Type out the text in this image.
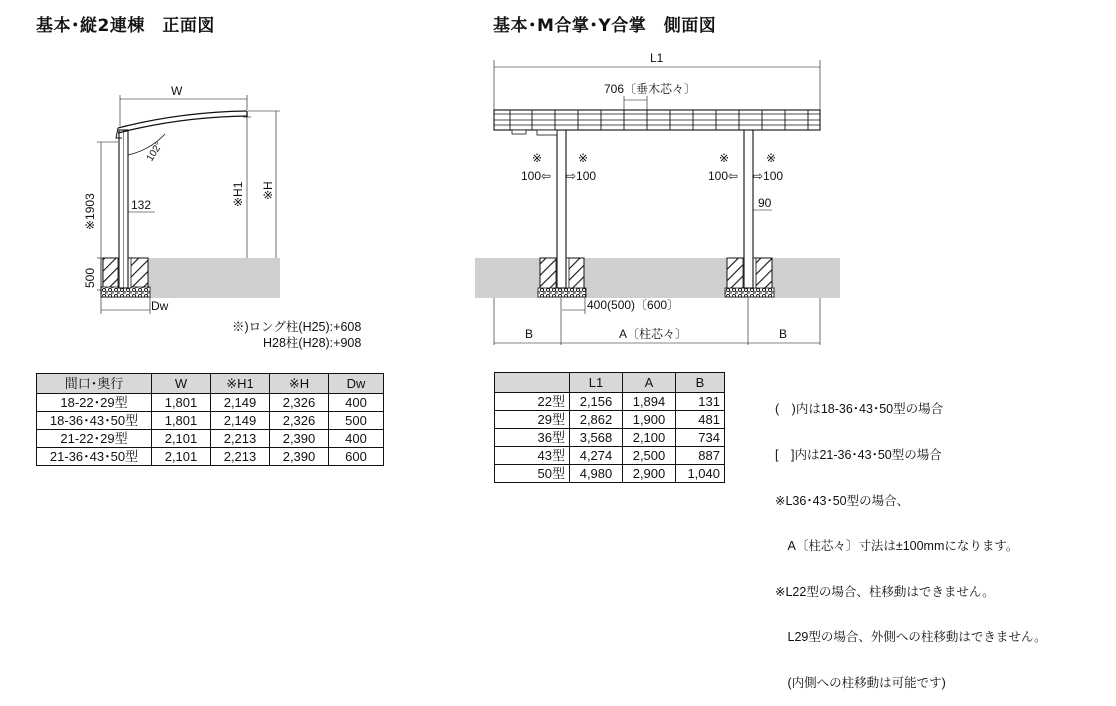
基本･縦2連棟　正面図	基本･M合掌･Y合掌　側面図
W
102°
※1903	132	※H1 ※H
500
Dw
L1
706〔垂木芯々〕
※	※
100⇦ ⇨100
※	※
100⇦ ⇨100
90
400(500)〔600〕
B	A〔柱芯々〕	B
※)ロング柱(H25):+608
H28柱(H28):+908
間口･奥行	W	※H1	※H	Dw
18-22･29型	1,801	2,149	2,326	400
18-36･43･50型	1,801	2,149	2,326	500
21-22･29型	2,101	2,213	2,390	400
21-36･43･50型	2,101	2,213	2,390	600
	L1	A	B
22型	2,156	1,894	131
29型	2,862	1,900	481
36型	3,568	2,100	734
43型	4,274	2,500	887
50型	4,980	2,900	1,040

(　)内は18-36･43･50型の場合

[　]内は21-36･43･50型の場合

※L36･43･50型の場合、

　A〔柱芯々〕寸法は±100mmになります。

※L22型の場合、柱移動はできません。

　L29型の場合、外側への柱移動はできません。

　(内側への柱移動は可能です)
